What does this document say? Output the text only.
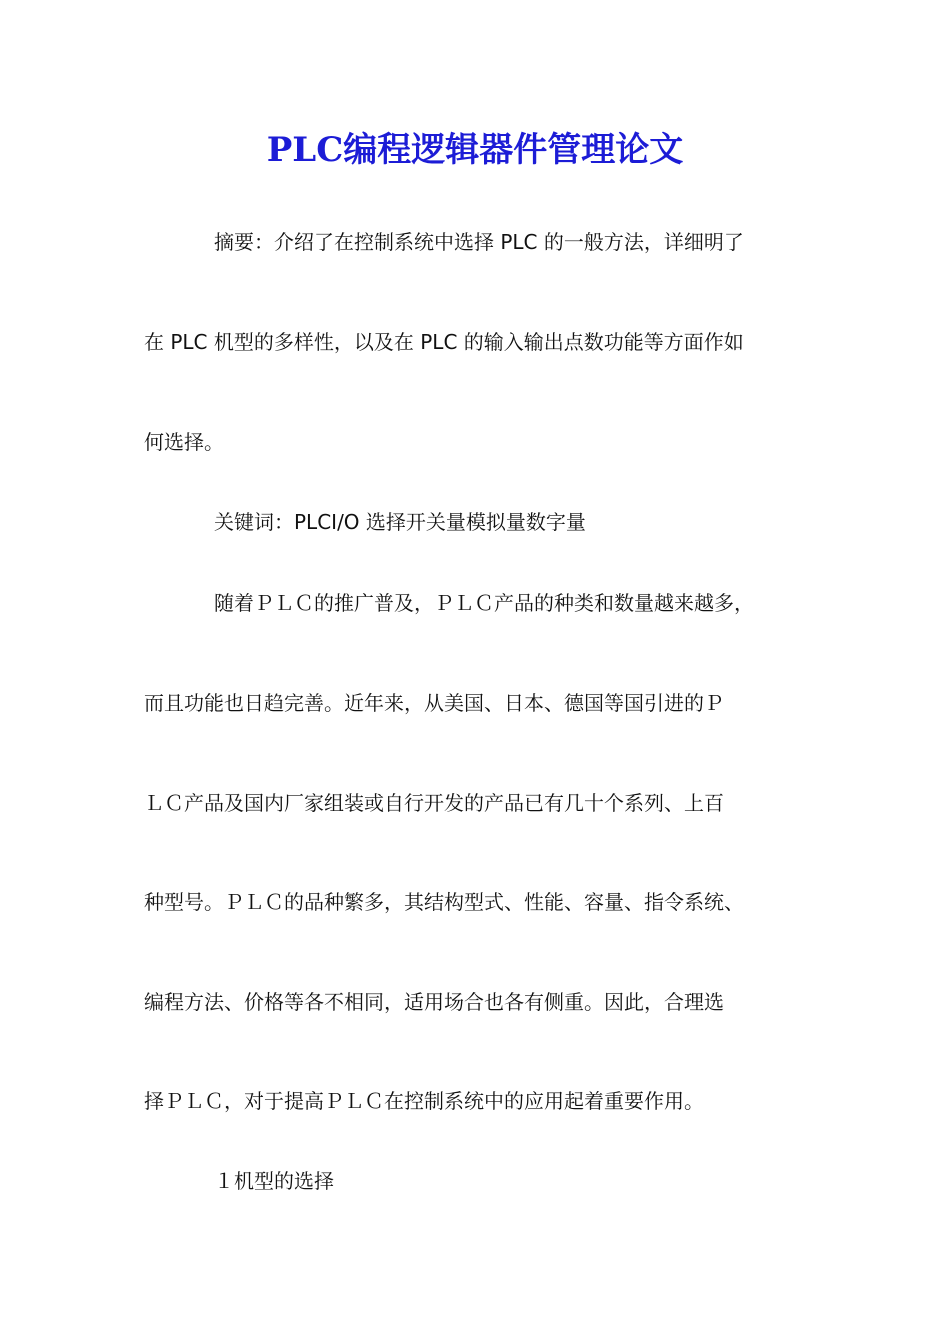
PLC编程逻辑器件管理论文

摘要：介绍了在控制系统中选择 PLC 的一般方法，详细明了

在 PLC 机型的多样性，以及在 PLC 的输入输出点数功能等方面作如

何选择。

关键词：PLCI/O 选择开关量模拟量数字量

随着ＰＬＣ的推广普及，ＰＬＣ产品的种类和数量越来越多，

而且功能也日趋完善。近年来，从美国、日本、德国等国引进的Ｐ

ＬＣ产品及国内厂家组装或自行开发的产品已有几十个系列、上百

种型号。ＰＬＣ的品种繁多，其结构型式、性能、容量、指令系统、

编程方法、价格等各不相同，适用场合也各有侧重。因此，合理选

择ＰＬＣ，对于提高ＰＬＣ在控制系统中的应用起着重要作用。

１机型的选择
